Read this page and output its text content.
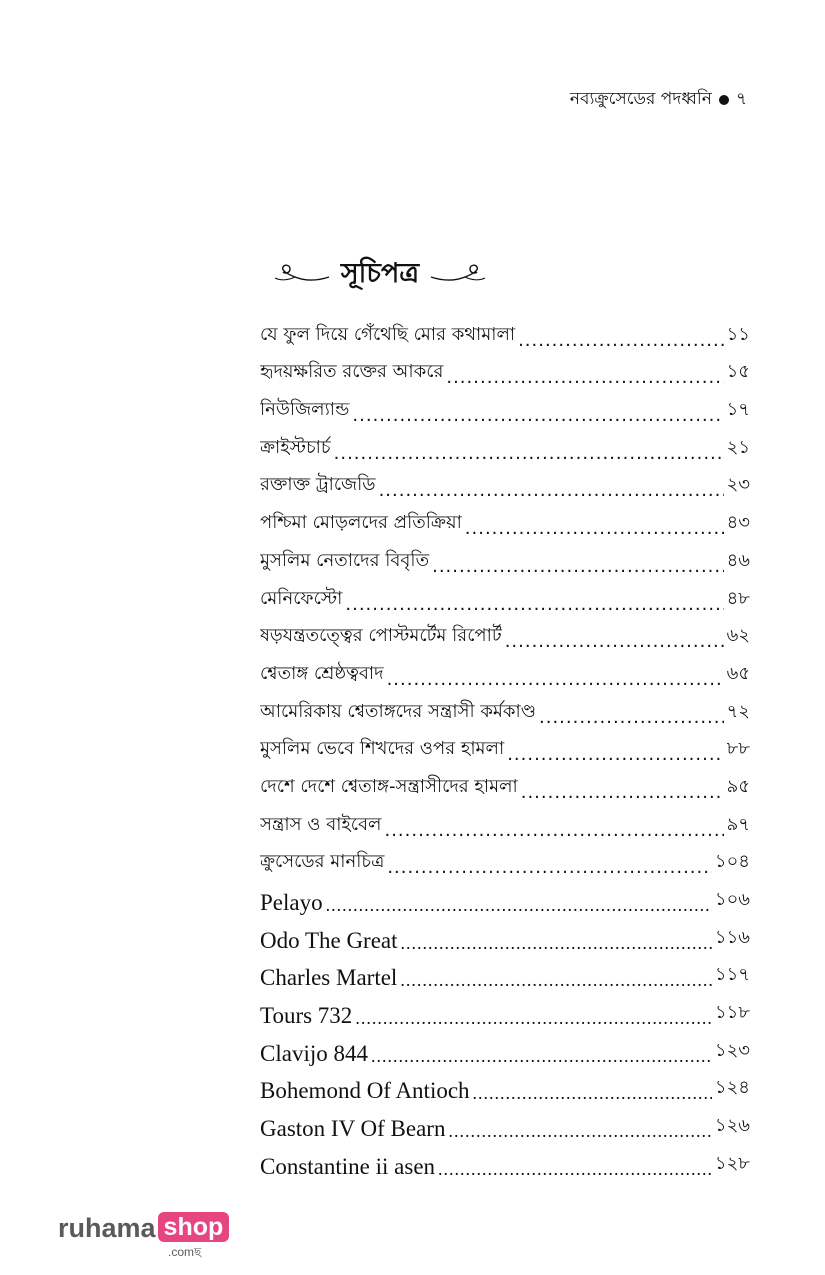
নব্যক্রুসেডের পদধ্বনি ৭
সূচিপত্র
যে ফুল দিয়ে গেঁথেছি মোর কথামালা .....	১১
হৃদয়ক্ষরিত রক্তের আকরে .....	১৫
নিউজিল্যান্ড .....	১৭
ক্রাইস্টচার্চ .....	২১
রক্তাক্ত ট্রাজেডি .....	২৩
পশ্চিমা মোড়লদের প্রতিক্রিয়া .....	৪৩
মুসলিম নেতাদের বিবৃতি .....	৪৬
মেনিফেস্টো .....	৪৮
ষড়যন্ত্রতত্ত্বের পোস্টমর্টেম রিপোর্ট .....	৬২
শ্বেতাঙ্গ শ্রেষ্ঠত্ববাদ .....	৬৫
আমেরিকায় শ্বেতাঙ্গদের সন্ত্রাসী কর্মকাণ্ড .....	৭২
মুসলিম ভেবে শিখদের ওপর হামলা .....	৮৮
দেশে দেশে শ্বেতাঙ্গ-সন্ত্রাসীদের হামলা .....	৯৫
সন্ত্রাস ও বাইবেল .....	৯৭
ক্রুসেডের মানচিত্র .....	১০৪
Pelayo .....	১০৬
Odo The Great .....	১১৬
Charles Martel .....	১১৭
Tours 732 .....	১১৮
Clavijo 844 .....	১২৩
Bohemond Of Antioch .....	১২৪
Gaston IV Of Bearn .....	১২৬
Constantine ii asen .....	১২৮
ruhama shop
.comছ
